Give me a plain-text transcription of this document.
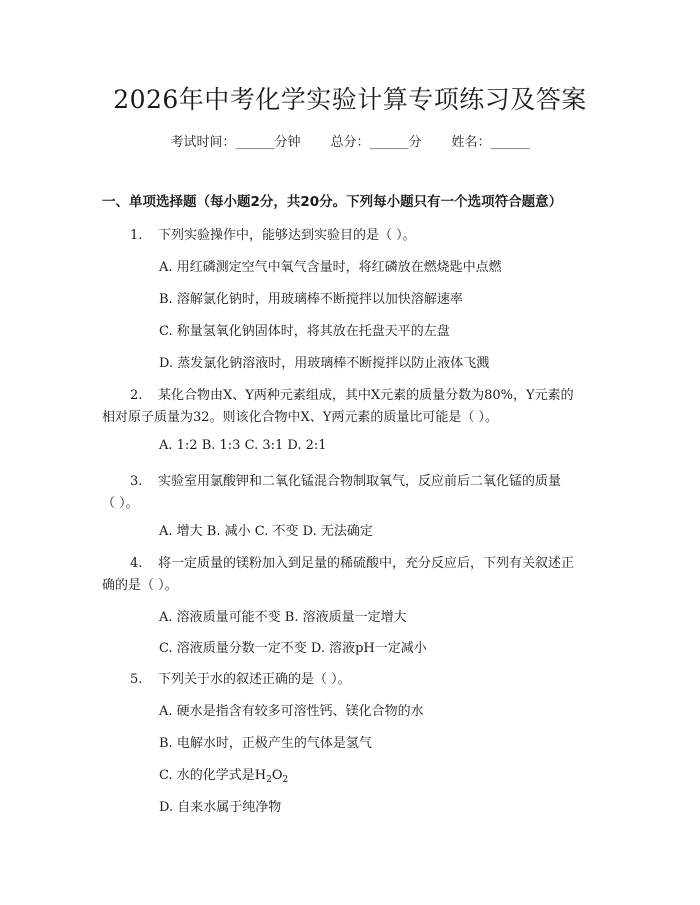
2026年中考化学实验计算专项练习及答案
考试时间：______分钟 总分：______分 姓名：______
一、单项选择题（每小题2分，共20分。下列每小题只有一个选项符合题意）
1. 下列实验操作中，能够达到实验目的是（ ）。
A. 用红磷测定空气中氧气含量时，将红磷放在燃烧匙中点燃
B. 溶解氯化钠时，用玻璃棒不断搅拌以加快溶解速率
C. 称量氢氧化钠固体时，将其放在托盘天平的左盘
D. 蒸发氯化钠溶液时，用玻璃棒不断搅拌以防止液体飞溅
2. 某化合物由X、Y两种元素组成，其中X元素的质量分数为80%，Y元素的
相对原子质量为32。则该化合物中X、Y两元素的质量比可能是（ ）。
A. 1:2 B. 1:3 C. 3:1 D. 2:1
3. 实验室用氯酸钾和二氧化锰混合物制取氧气，反应前后二氧化锰的质量
（ ）。
A. 增大 B. 减小 C. 不变 D. 无法确定
4. 将一定质量的镁粉加入到足量的稀硫酸中，充分反应后，下列有关叙述正
确的是（ ）。
A. 溶液质量可能不变 B. 溶液质量一定增大
C. 溶液质量分数一定不变 D. 溶液pH一定减小
5. 下列关于水的叙述正确的是（ ）。
A. 硬水是指含有较多可溶性钙、镁化合物的水
B. 电解水时，正极产生的气体是氢气
C. 水的化学式是$H_2O_2$
D. 自来水属于纯净物
